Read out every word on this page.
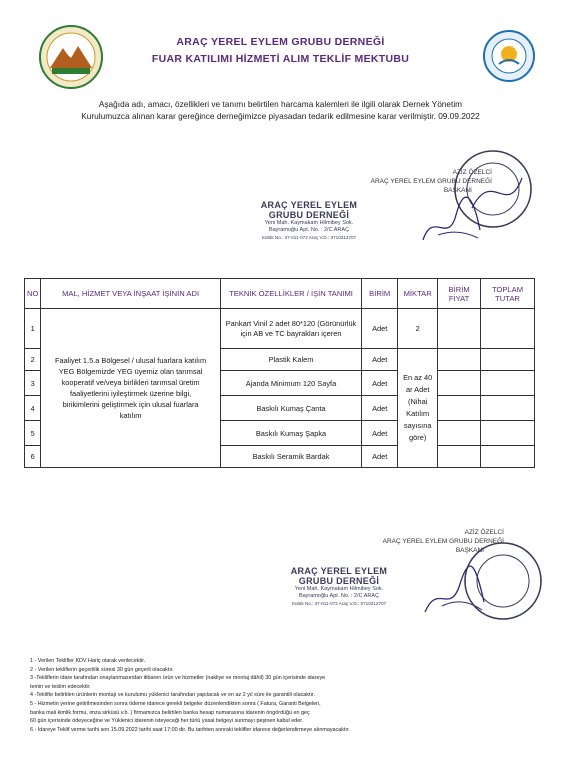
ARAÇ YEREL EYLEM GRUBU DERNEĞİ
FUAR KATILIMI HİZMETİ ALIM TEKLİF MEKTUBU
Aşağıda adı, amacı, özellikleri ve tanımı belirtilen harcama kalemleri ile ilgili olarak Dernek Yönetim
Kurulumuzca alınan karar gereğince derneğimizce piyasadan tedarik edilmesine karar verilmiştir. 09.09.2022
AZİZ ÖZELCİ
ARAÇ YEREL EYLEM GRUBU DERNEĞİ
BAŞKANI
ARAÇ YEREL EYLEM
GRUBU DERNEĞİ
Yeni Mah. Kaymakam Hilmibey Sok.
Bayramoğlu Apt. No. : 2/C ARAÇ
Kütük No.: 37-011-072 Araç V.D.: 0710312707
NO	MAL, HİZMET VEYA İNŞAAT İŞİNİN ADI	TEKNİK ÖZELLİKLER / İŞİN TANIMI	BİRİM	MİKTAR	BİRİM FİYAT	TOPLAM TUTAR
1	Faaliyet 1.5.a Bölgesel / ulusal fuarlara katılım YEG Bölgemizde YEG üyemiz olan tarımsal kooperatif ve/veya birlikleri tarımsal üretim faaliyetlerini iyileştirmek üzerine bilgi, birikimlerini geliştirmek için ulusal fuarlara katılım	Pankart Vinil 2 adet 80*120 (Görünürlük için AB ve TC bayrakları içeren	Adet	2		
2		Plastik Kalem	Adet	En az 40 ar Adet (Nihai Katılım sayısına göre)		
3		Ajanda Minimum 120 Sayfa	Adet			
4		Baskılı Kumaş Çanta	Adet			
5		Baskılı Kumaş Şapka	Adet			
6		Baskılı Seramik Bardak	Adet			
AZİZ ÖZELCİ
ARAÇ YEREL EYLEM GRUBU DERNEĞİ
BAŞKANI
ARAÇ YEREL EYLEM
GRUBU DERNEĞİ
Yeni Mah. Kaymakam Hilmibey Sok.
Bayramoğlu Apt. No. : 2/C ARAÇ
Kütük No.: 37-011-072 Araç V.D.: 0710312707
1 - Verilen Teklifler KDV Hariç olarak verilecektir.
2 - Verilen tekliflerin geçerlilik süresi 30 gün geçerli olacaktır.
3 -Tekliflerin idare tarafından onaylanmasından itibaren ürün ve hizmetler (nakliye ve montaj dâhil) 30 gün içerisinde idareye
temin ve teslim edecektir.
4 -Teklifte belirtilen ürünlerin montajı ve kurulumu yüklenici tarafından yapılacak ve en az 2 yıl süre ile garantili olacaktır.
5 - Hizmetin yerine getirilmesinden sonra ödeme idarece gerekli belgeler düzenlendikten sonra ( Fatura, Garanti Belgeleri,
banka mali kimlik formu, imza sirküsü v.b. ) firmamızca belirtilen banka hesap numarasına idarenin öngördüğü en geç
60 gün içerisinde ödeyeceğine ve Yüklenici idarenin isteyeceği her türlü yasal belgeyi sunmayı peşinen kabul eder.
6 - İdareye Teklif verme tarihi son 15.09.2022 tarihi saat 17:00 dir. Bu tarihten sonraki teklifler idarece değerlendirmeye alınmayacaktır.
